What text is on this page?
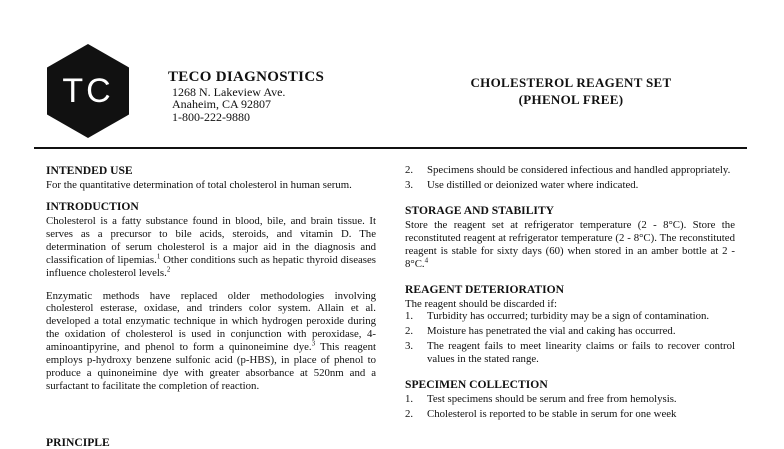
TC	TECO DIAGNOSTICS
1268 N. Lakeview Ave.
Anaheim, CA 92807
1-800-222-9880
CHOLESTEROL REAGENT SET
(PHENOL FREE)
INTENDED USE

For the quantitative determination of total cholesterol in human serum.

INTRODUCTION

Cholesterol is a fatty substance found in blood, bile, and brain tissue. It serves as a precursor to bile acids, steroids, and vitamin D. The determination of serum cholesterol is a major aid in the diagnosis and classification of lipemias.$^1$ Other conditions such as hepatic thyroid diseases influence cholesterol levels.$^2$

Enzymatic methods have replaced older methodologies involving cholesterol esterase, oxidase, and trinders color system. Allain et al. developed a total enzymatic technique in which hydrogen peroxide during the oxidation of cholesterol is used in conjunction with peroxidase, 4-aminoantipyrine, and phenol to form a quinoneimine dye.$^3$ This reagent employs p-hydroxy benzene sulfonic acid (p-HBS), in place of phenol to produce a quinoneimine dye with greater absorbance at 520nm and a surfactant to facilitate the completion of reaction.

PRINCIPLE
2.	Specimens should be considered infectious and handled appropriately.
3.	Use distilled or deionized water where indicated.
STORAGE AND STABILITY

Store the reagent set at refrigerator temperature (2 - 8°C). Store the reconstituted reagent at refrigerator temperature (2 - 8°C). The reconstituted reagent is stable for sixty days (60) when stored in an amber bottle at 2 - 8°C.$^4$

REAGENT DETERIORATION

The reagent should be discarded if:

1.	Turbidity has occurred; turbidity may be a sign of contamination.
2.	Moisture has penetrated the vial and caking has occurred.
3.	The reagent fails to meet linearity claims or fails to recover control values in the stated range.
SPECIMEN COLLECTION
1.	Test specimens should be serum and free from hemolysis.
2.	Cholesterol is reported to be stable in serum for one week
